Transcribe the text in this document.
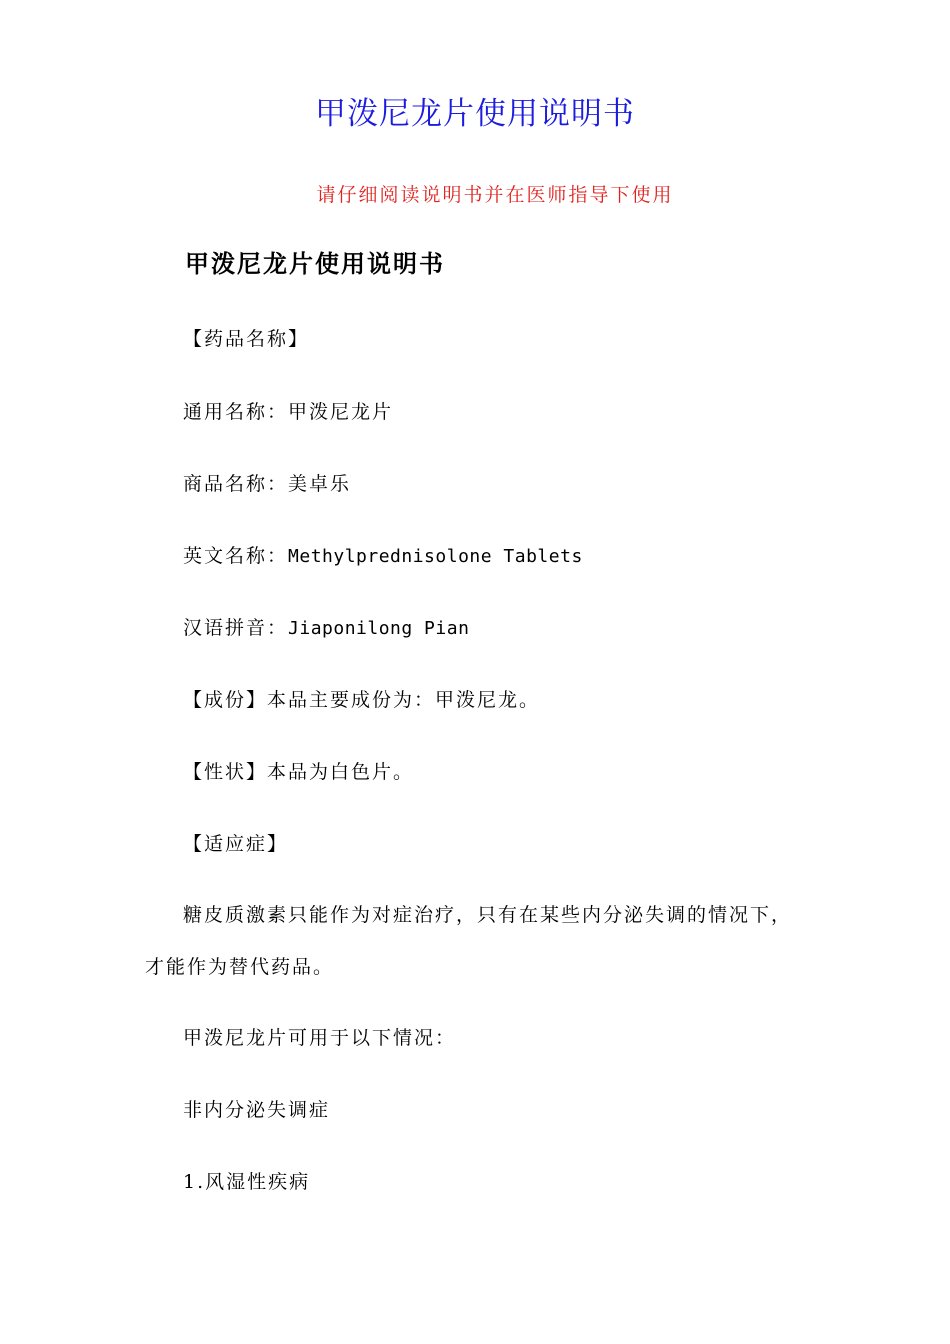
甲泼尼龙片使用说明书
请仔细阅读说明书并在医师指导下使用
甲泼尼龙片使用说明书
【药品名称】
通用名称：甲泼尼龙片
商品名称：美卓乐
英文名称：Methylprednisolone Tablets
汉语拼音：Jiaponilong Pian
【成份】本品主要成份为：甲泼尼龙。
【性状】本品为白色片。
【适应症】
糖皮质激素只能作为对症治疗，只有在某些内分泌失调的情况下，
才能作为替代药品。
甲泼尼龙片可用于以下情况：
非内分泌失调症
1.风湿性疾病
